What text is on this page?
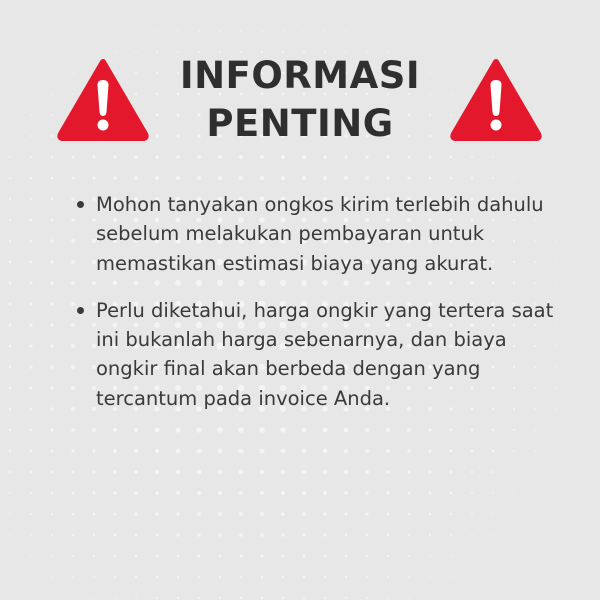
INFORMASI
PENTING
Mohon tanyakan ongkos kirim terlebih dahulu sebelum melakukan pembayaran untuk memastikan estimasi biaya yang akurat.
Perlu diketahui, harga ongkir yang tertera saat ini bukanlah harga sebenarnya, dan biaya ongkir final akan berbeda dengan yang tercantum pada invoice Anda.
